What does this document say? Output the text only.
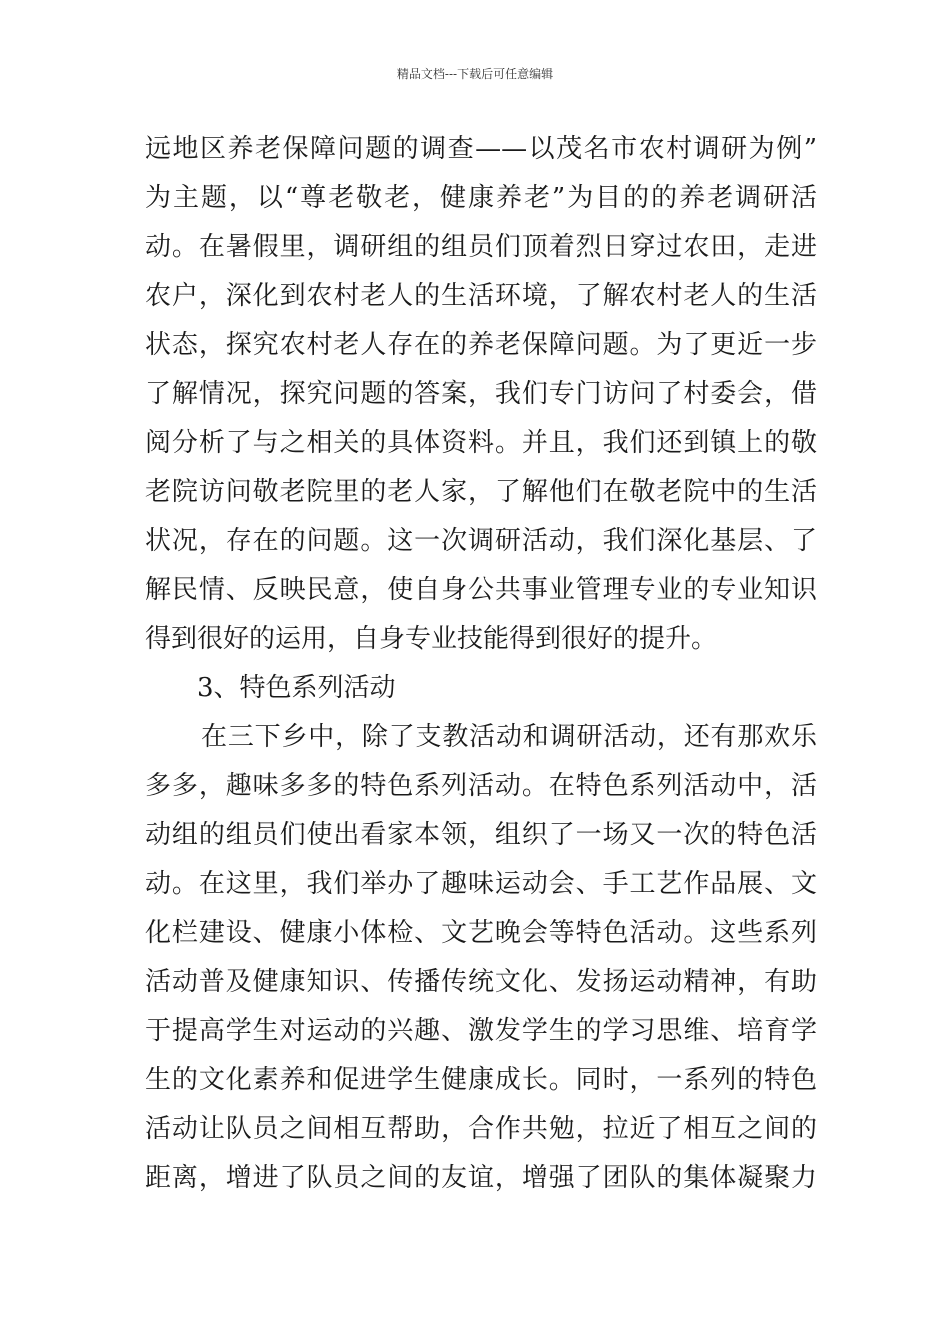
精品文档---下载后可任意编辑
远地区养老保障问题的调查——以茂名市农村调研为例”
为主题，以“尊老敬老，健康养老”为目的的养老调研活
动。在暑假里，调研组的组员们顶着烈日穿过农田，走进
农户，深化到农村老人的生活环境，了解农村老人的生活
状态，探究农村老人存在的养老保障问题。为了更近一步
了解情况，探究问题的答案，我们专门访问了村委会，借
阅分析了与之相关的具体资料。并且，我们还到镇上的敬
老院访问敬老院里的老人家，了解他们在敬老院中的生活
状况，存在的问题。这一次调研活动，我们深化基层、了
解民情、反映民意，使自身公共事业管理专业的专业知识
得到很好的运用，自身专业技能得到很好的提升。
3、特色系列活动
在三下乡中，除了支教活动和调研活动，还有那欢乐
多多，趣味多多的特色系列活动。在特色系列活动中，活
动组的组员们使出看家本领，组织了一场又一次的特色活
动。在这里，我们举办了趣味运动会、手工艺作品展、文
化栏建设、健康小体检、文艺晚会等特色活动。这些系列
活动普及健康知识、传播传统文化、发扬运动精神，有助
于提高学生对运动的兴趣、激发学生的学习思维、培育学
生的文化素养和促进学生健康成长。同时，一系列的特色
活动让队员之间相互帮助，合作共勉，拉近了相互之间的
距离，增进了队员之间的友谊，增强了团队的集体凝聚力
